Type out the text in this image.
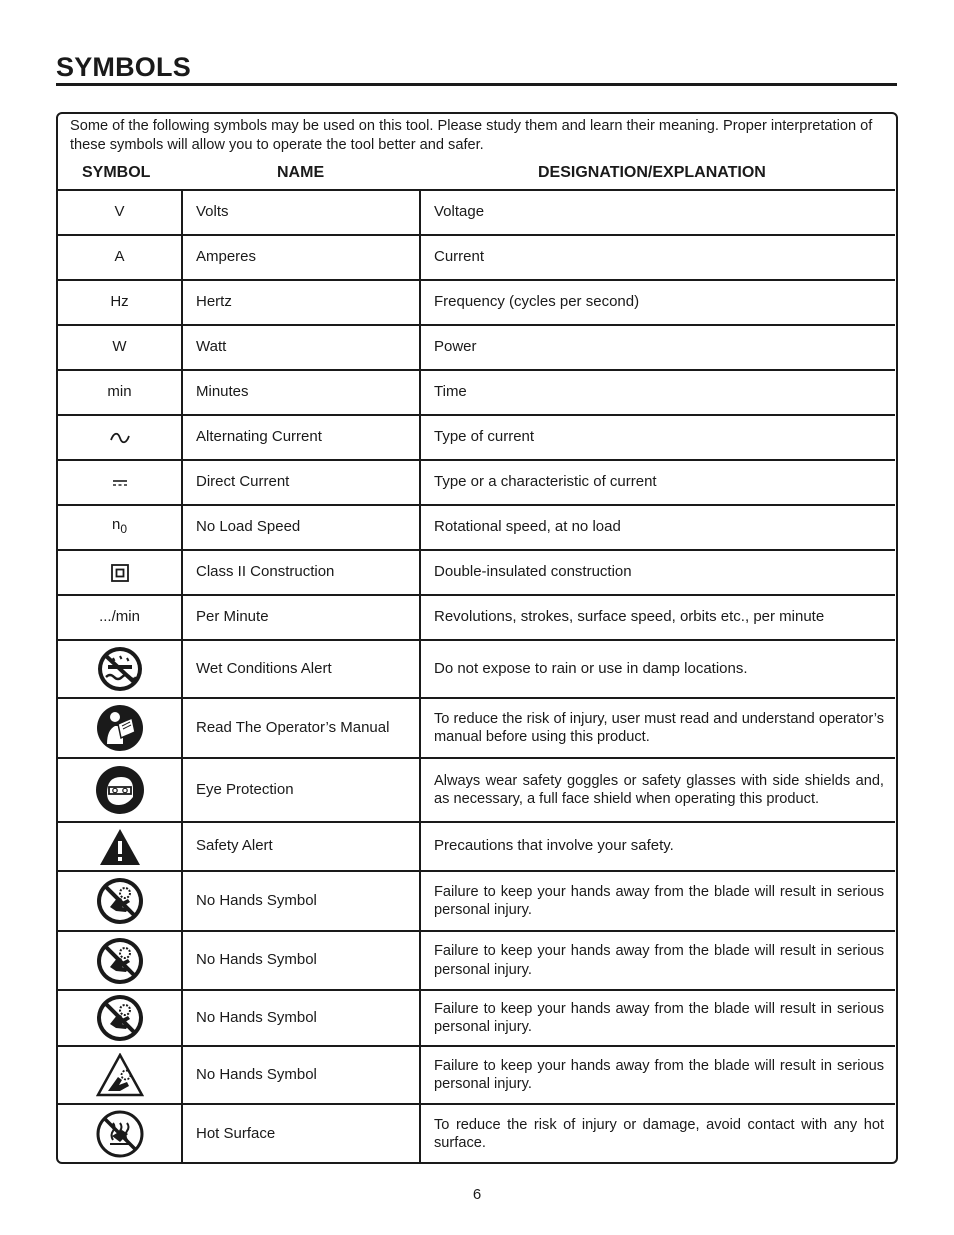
SYMBOLS
Some of the following symbols may be used on this tool. Please study them and learn their meaning. Proper interpretation of these symbols will allow you to operate the tool better and safer.
SYMBOL	NAME	DESIGNATION/EXPLANATION
V	Volts	Voltage
A	Amperes	Current
Hz	Hertz	Frequency (cycles per second)
W	Watt	Power
min	Minutes	Time

	Alternating Current	Type of current

	Direct Current	Type or a characteristic of current
$n_0$	No Load Speed	Rotational speed, at no load

	Class II Construction	Double-insulated construction
.../min	Per Minute	Revolutions, strokes, surface speed, orbits etc., per minute

	Wet Conditions Alert	Do not expose to rain or use in damp locations.

	Read The Operator’s Manual	To reduce the risk of injury, user must read and understand operator’s manual before using this product.

	Eye Protection	Always wear safety goggles or safety glasses with side shields and, as necessary, a full face shield when operating this product.

	Safety Alert	Precautions that involve your safety.

	No Hands Symbol	Failure to keep your hands away from the blade will result in serious personal injury.

	No Hands Symbol	Failure to keep your hands away from the blade will result in serious personal injury.

	No Hands Symbol	Failure to keep your hands away from the blade will result in serious personal injury.

	No Hands Symbol	Failure to keep your hands away from the blade will result in serious personal injury.

	Hot Surface	To reduce the risk of injury or damage, avoid contact with any hot surface.
6
